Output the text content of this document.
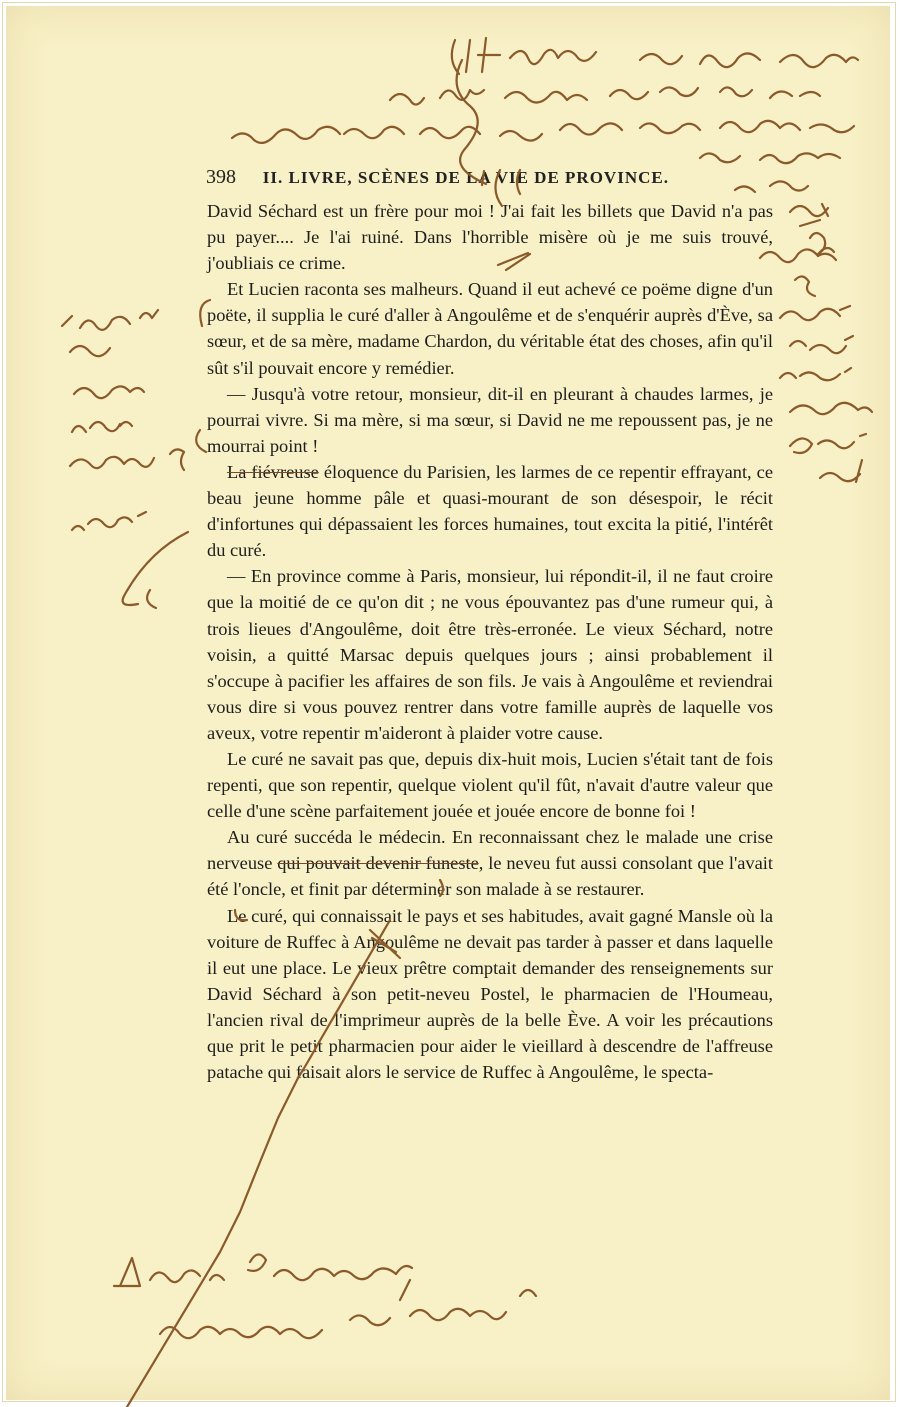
398 II. LIVRE, SCÈNES DE LA VIE DE PROVINCE.

David Séchard est un frère pour moi ! J'ai fait les billets que David n'a pas pu payer.... Je l'ai ruiné. Dans l'horrible misère où je me suis trouvé, j'oubliais ce crime.

Et Lucien raconta ses malheurs. Quand il eut achevé ce poëme digne d'un poëte, il supplia le curé d'aller à Angoulême et de s'enquérir auprès d'Ève, sa sœur, et de sa mère, madame Chardon, du véritable état des choses, afin qu'il sût s'il pouvait encore y remédier.

— Jusqu'à votre retour, monsieur, dit-il en pleurant à chaudes larmes, je pourrai vivre. Si ma mère, si ma sœur, si David ne me repoussent pas, je ne mourrai point !

La fiévreuse éloquence du Parisien, les larmes de ce repentir effrayant, ce beau jeune homme pâle et quasi-mourant de son désespoir, le récit d'infortunes qui dépassaient les forces humaines, tout excita la pitié, l'intérêt du curé.

— En province comme à Paris, monsieur, lui répondit-il, il ne faut croire que la moitié de ce qu'on dit ; ne vous épouvantez pas d'une rumeur qui, à trois lieues d'Angoulême, doit être très-erronée. Le vieux Séchard, notre voisin, a quitté Marsac depuis quelques jours ; ainsi probablement il s'occupe à pacifier les affaires de son fils. Je vais à Angoulême et reviendrai vous dire si vous pouvez rentrer dans votre famille auprès de laquelle vos aveux, votre repentir m'aideront à plaider votre cause.

Le curé ne savait pas que, depuis dix-huit mois, Lucien s'était tant de fois repenti, que son repentir, quelque violent qu'il fût, n'avait d'autre valeur que celle d'une scène parfaitement jouée et jouée encore de bonne foi !

Au curé succéda le médecin. En reconnaissant chez le malade une crise nerveuse qui pouvait devenir funeste, le neveu fut aussi consolant que l'avait été l'oncle, et finit par déterminer son malade à se restaurer.

Le curé, qui connaissait le pays et ses habitudes, avait gagné Mansle où la voiture de Ruffec à Angoulême ne devait pas tarder à passer et dans laquelle il eut une place. Le vieux prêtre comptait demander des renseignements sur David Séchard à son petit-neveu Postel, le pharmacien de l'Houmeau, l'ancien rival de l'imprimeur auprès de la belle Ève. A voir les précautions que prit le petit pharmacien pour aider le vieillard à descendre de l'affreuse patache qui faisait alors le service de Ruffec à Angoulême, le specta-
